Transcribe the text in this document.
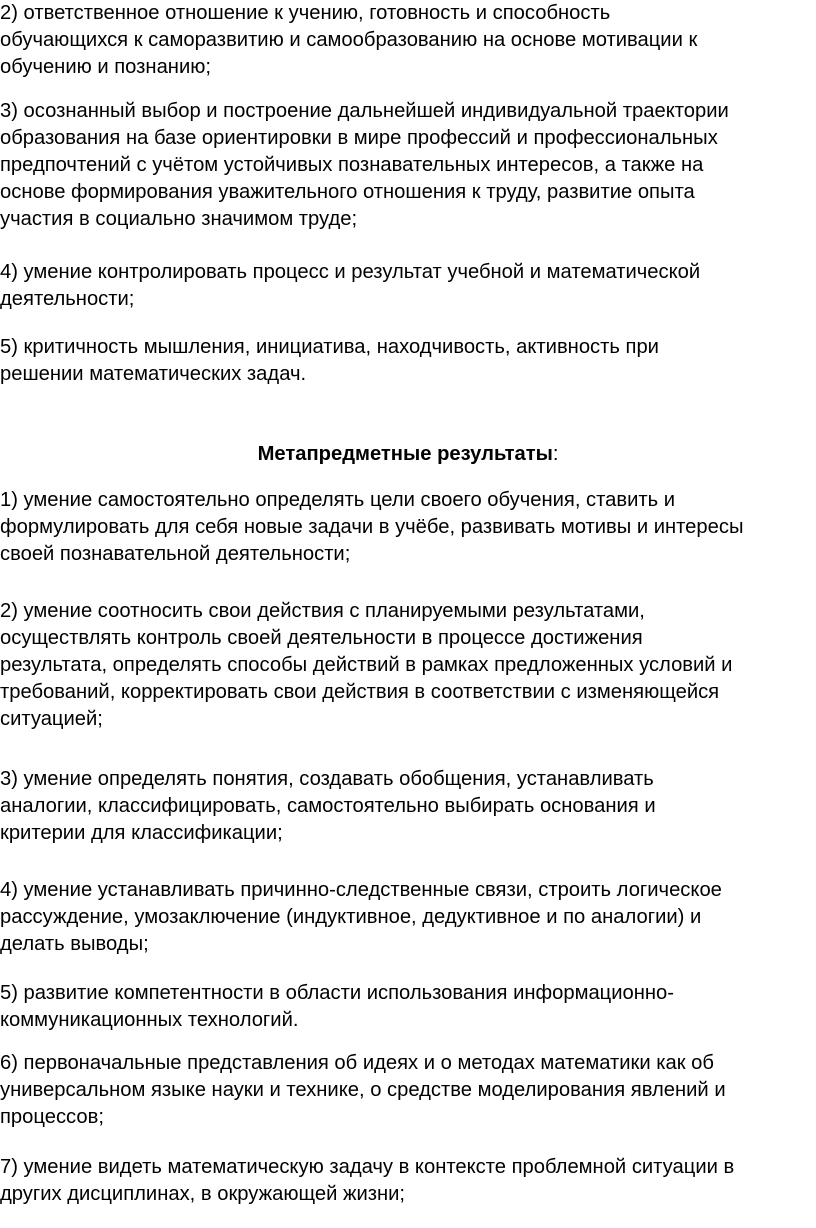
2) ответственное отношение к учению, готовность и способность
обучающихся к саморазвитию и самообразованию на основе мотивации к
обучению и познанию;

3) осознанный выбор и построение дальнейшей индивидуальной траектории
образования на базе ориентировки в мире профессий и профессиональных
предпочтений с учётом устойчивых познавательных интересов, а также на
основе формирования уважительного отношения к труду, развитие опыта
участия в социально значимом труде;

4) умение контролировать процесс и результат учебной и математической
деятельности;

5) критичность мышления, инициатива, находчивость, активность при
решении математических задач.

Метапредметные результаты:

1) умение самостоятельно определять цели своего обучения, ставить и
формулировать для себя новые задачи в учёбе, развивать мотивы и интересы
своей познавательной деятельности;

2) умение соотносить свои действия с планируемыми результатами,
осуществлять контроль своей деятельности в процессе достижения
результата, определять способы действий в рамках предложенных условий и
требований, корректировать свои действия в соответствии с изменяющейся
ситуацией;

3) умение определять понятия, создавать обобщения, устанавливать
аналогии, классифицировать, самостоятельно выбирать основания и
критерии для классификации;

4) умение устанавливать причинно-следственные связи, строить логическое
рассуждение, умозаключение (индуктивное, дедуктивное и по аналогии) и
делать выводы;

5) развитие компетентности в области использования информационно-
коммуникационных технологий.

6) первоначальные представления об идеях и о методах математики как об
универсальном языке науки и технике, о средстве моделирования явлений и
процессов;

7) умение видеть математическую задачу в контексте проблемной ситуации в
других дисциплинах, в окружающей жизни;
